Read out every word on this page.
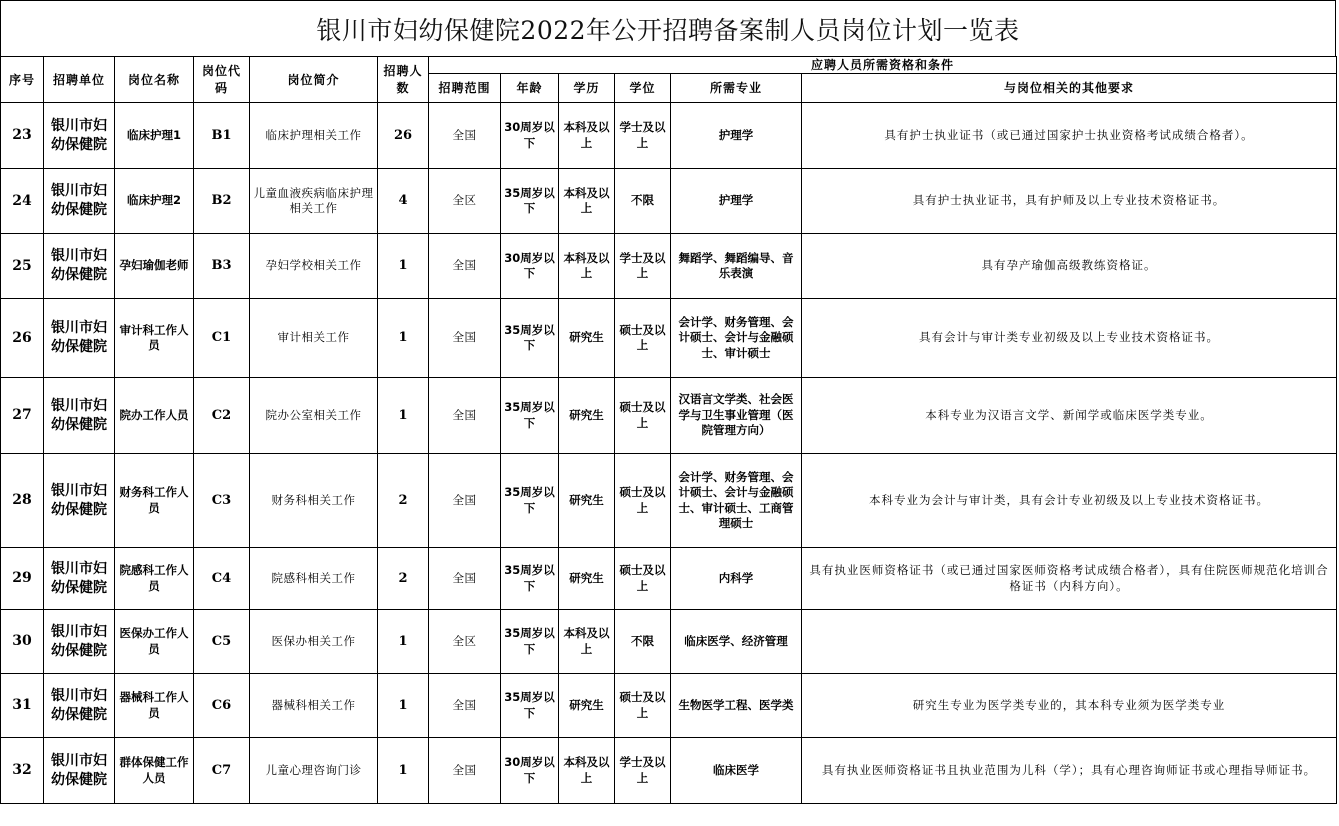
银川市妇幼保健院2022年公开招聘备案制人员岗位计划一览表
序号	招聘单位	岗位名称	岗位代码	岗位简介	招聘人数	应聘人员所需资格和条件					
						招聘范围	年龄	学历	学位	所需专业	与岗位相关的其他要求
23	银川市妇幼保健院	临床护理1	B1	临床护理相关工作	26	全国	30周岁以下	本科及以上	学士及以上	护理学	具有护士执业证书（或已通过国家护士执业资格考试成绩合格者）。
24	银川市妇幼保健院	临床护理2	B2	儿童血液疾病临床护理相关工作	4	全区	35周岁以下	本科及以上	不限	护理学	具有护士执业证书，具有护师及以上专业技术资格证书。
25	银川市妇幼保健院	孕妇瑜伽老师	B3	孕妇学校相关工作	1	全国	30周岁以下	本科及以上	学士及以上	舞蹈学、舞蹈编导、音乐表演	具有孕产瑜伽高级教练资格证。
26	银川市妇幼保健院	审计科工作人员	C1	审计相关工作	1	全国	35周岁以下	研究生	硕士及以上	会计学、财务管理、会计硕士、会计与金融硕士、审计硕士	具有会计与审计类专业初级及以上专业技术资格证书。
27	银川市妇幼保健院	院办工作人员	C2	院办公室相关工作	1	全国	35周岁以下	研究生	硕士及以上	汉语言文学类、社会医学与卫生事业管理（医院管理方向）	本科专业为汉语言文学、新闻学或临床医学类专业。
28	银川市妇幼保健院	财务科工作人员	C3	财务科相关工作	2	全国	35周岁以下	研究生	硕士及以上	会计学、财务管理、会计硕士、会计与金融硕士、审计硕士、工商管理硕士	本科专业为会计与审计类，具有会计专业初级及以上专业技术资格证书。
29	银川市妇幼保健院	院感科工作人员	C4	院感科相关工作	2	全国	35周岁以下	研究生	硕士及以上	内科学	具有执业医师资格证书（或已通过国家医师资格考试成绩合格者），具有住院医师规范化培训合格证书（内科方向）。
30	银川市妇幼保健院	医保办工作人员	C5	医保办相关工作	1	全区	35周岁以下	本科及以上	不限	临床医学、经济管理	
31	银川市妇幼保健院	器械科工作人员	C6	器械科相关工作	1	全国	35周岁以下	研究生	硕士及以上	生物医学工程、医学类	研究生专业为医学类专业的，其本科专业须为医学类专业
32	银川市妇幼保健院	群体保健工作人员	C7	儿童心理咨询门诊	1	全国	30周岁以下	本科及以上	学士及以上	临床医学	具有执业医师资格证书且执业范围为儿科（学）；具有心理咨询师证书或心理指导师证书。
